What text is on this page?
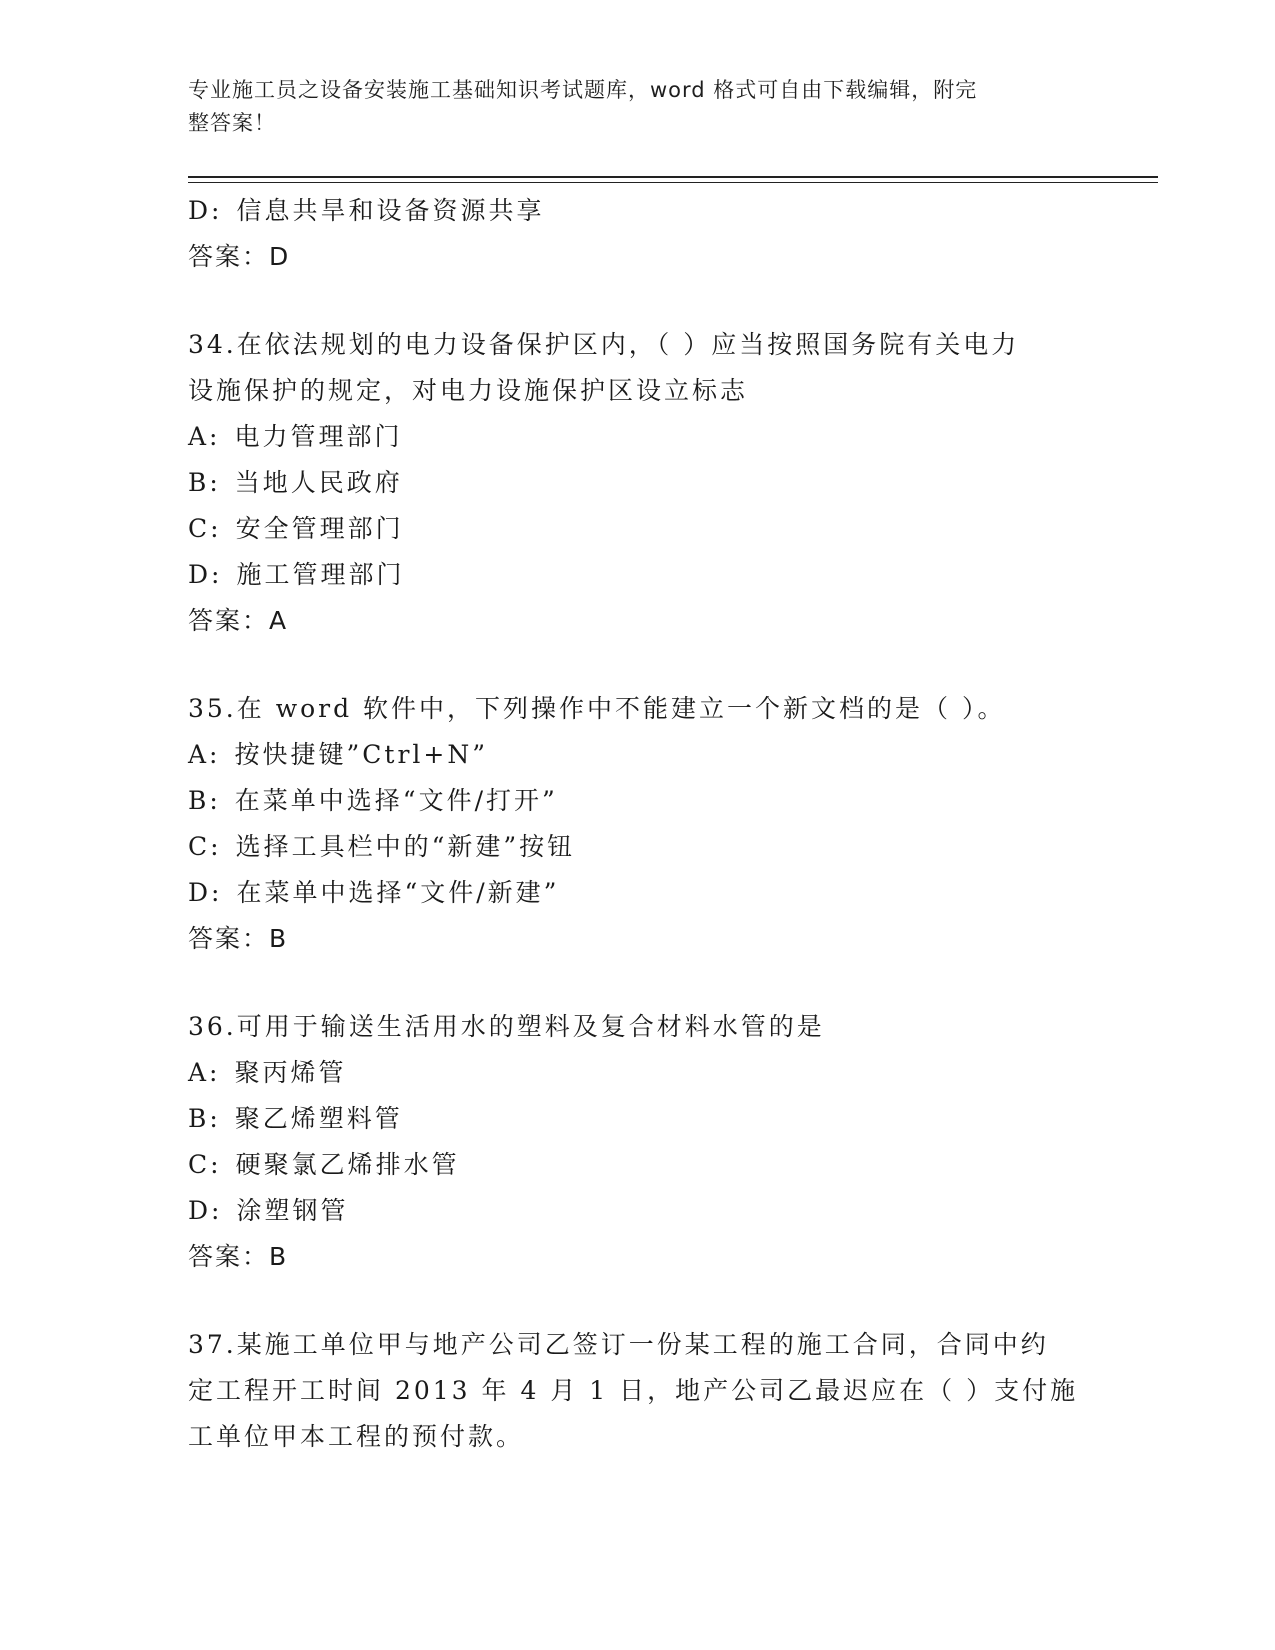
专业施工员之设备安装施工基础知识考试题库，word 格式可自由下载编辑，附完
整答案！
D: 信息共旱和设备资源共享
答案：D
34.在依法规划的电力设备保护区内，（ ）应当按照国务院有关电力
设施保护的规定，对电力设施保护区设立标志
A: 电力管理部门
B: 当地人民政府
C: 安全管理部门
D: 施工管理部门
答案：A
35.在 word 软件中，下列操作中不能建立一个新文档的是（ ）。
A: 按快捷键”Ctrl+N”
B: 在菜单中选择“文件/打开”
C: 选择工具栏中的“新建”按钮
D: 在菜单中选择“文件/新建”
答案：B
36.可用于输送生活用水的塑料及复合材料水管的是
A: 聚丙烯管
B: 聚乙烯塑料管
C: 硬聚氯乙烯排水管
D: 涂塑钢管
答案：B
37.某施工单位甲与地产公司乙签订一份某工程的施工合同，合同中约
定工程开工时间 2013 年 4 月 1 日，地产公司乙最迟应在（ ）支付施
工单位甲本工程的预付款。
